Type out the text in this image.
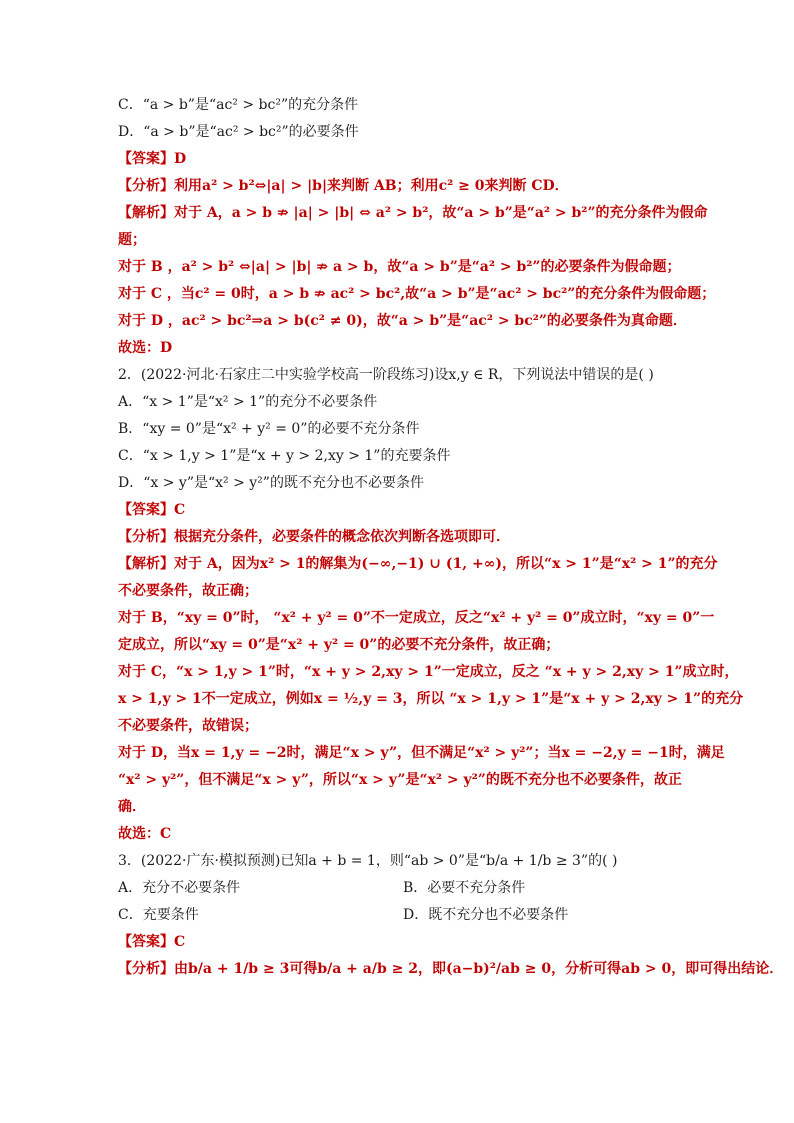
C．“a > b”是“ac² > bc²”的充分条件

D．“a > b”是“ac² > bc²”的必要条件

【答案】D

【分析】利用a² > b²⇔|a| > |b|来判断 AB；利用c² ≥ 0来判断 CD．

【解析】对于 A，a > b ⇏ |a| > |b| ⇔ a² > b²，故“a > b”是“a² > b²”的充分条件为假命

题；

对于 B ，a² > b² ⇔|a| > |b| ⇏ a > b，故“a > b”是“a² > b²”的必要条件为假命题；

对于 C ，当c² = 0时，a > b ⇏ ac² > bc²,故“a > b”是“ac² > bc²”的充分条件为假命题；

对于 D ，ac² > bc²⇒a > b(c² ≠ 0)，故“a > b”是“ac² > bc²”的必要条件为真命题．

故选：D

2．(2022·河北·石家庄二中实验学校高一阶段练习)设x,y ∈ R，下列说法中错误的是( )

A．“x > 1”是“x² > 1”的充分不必要条件

B．“xy = 0”是“x² + y² = 0”的必要不充分条件

C．“x > 1,y > 1”是“x + y > 2,xy > 1”的充要条件

D．“x > y”是“x² > y²”的既不充分也不必要条件

【答案】C

【分析】根据充分条件，必要条件的概念依次判断各选项即可．

【解析】对于 A，因为x² > 1的解集为(−∞,−1) ∪ (1, +∞)，所以“x > 1”是“x² > 1”的充分

不必要条件，故正确；

对于 B，“xy = 0”时， “x² + y² = 0”不一定成立，反之“x² + y² = 0”成立时，“xy = 0”一

定成立，所以“xy = 0”是“x² + y² = 0”的必要不充分条件，故正确；

对于 C，“x > 1,y > 1”时，“x + y > 2,xy > 1”一定成立，反之 “x + y > 2,xy > 1”成立时，

x > 1,y > 1不一定成立，例如x = ½,y = 3，所以 “x > 1,y > 1”是“x + y > 2,xy > 1”的充分

不必要条件，故错误；

对于 D，当x = 1,y = −2时，满足“x > y”，但不满足“x² > y²”；当x = −2,y = −1时，满足

“x² > y²”，但不满足“x > y”，所以“x > y”是“x² > y²”的既不充分也不必要条件，故正

确．

故选：C

3．(2022·广东·模拟预测)已知a + b = 1，则“ab > 0”是“b/a + 1/b ≥ 3”的( )

A．充分不必要条件	B．必要不充分条件
C．充要条件	D．既不充分也不必要条件

【答案】C

【分析】由b/a + 1/b ≥ 3可得b/a + a/b ≥ 2，即(a−b)²/ab ≥ 0，分析可得ab > 0，即可得出结论．
